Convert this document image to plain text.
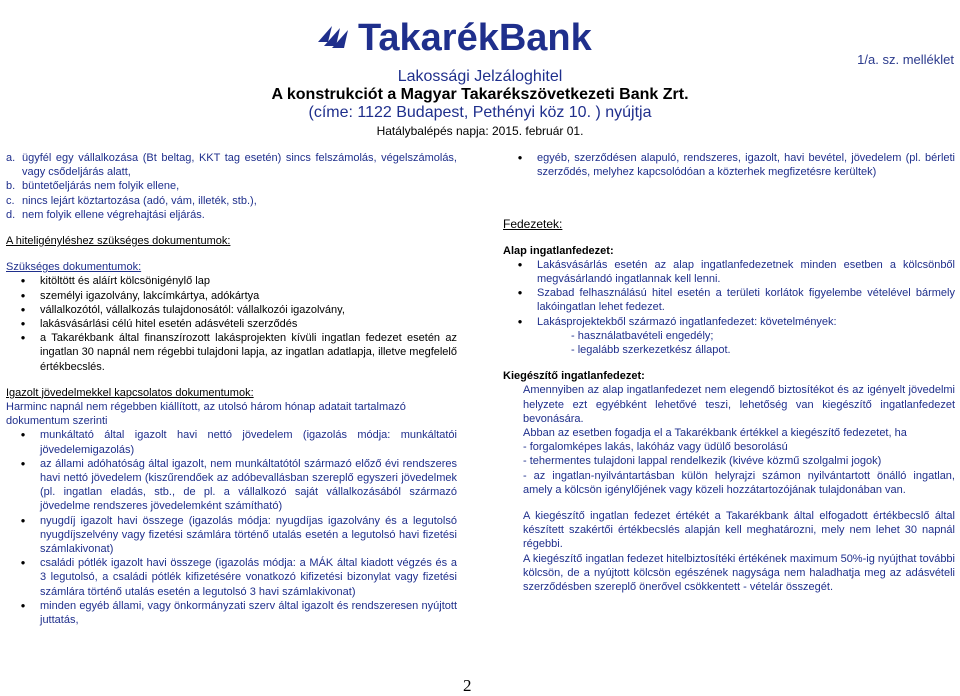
TakarékBank
1/a. sz. melléklet
Lakossági Jelzáloghitel
A konstrukciót a Magyar Takarékszövetkezeti Bank Zrt.
(címe: 1122 Budapest, Pethényi köz 10. ) nyújtja
Hatálybalépés napja: 2015. február 01.
a. ügyfél egy vállalkozása (Bt beltag, KKT tag esetén) sincs felszámolás, végelszámolás, vagy csődeljárás alatt,
b. büntetőeljárás nem folyik ellene,
c. nincs lejárt köztartozása (adó, vám, illeték, stb.),
d. nem folyik ellene végrehajtási eljárás.
A hiteligényléshez szükséges dokumentumok:
Szükséges dokumentumok:
●	kitöltött és aláírt kölcsönigénylő lap
●	személyi igazolvány, lakcímkártya, adókártya
●	vállalkozótól, vállalkozás tulajdonosától: vállalkozói igazolvány,
●	lakásvásárlási célú hitel esetén adásvételi szerződés
●	a Takarékbank által finanszírozott lakásprojekten kívüli ingatlan fedezet esetén az ingatlan 30 napnál nem régebbi tulajdoni lapja, az ingatlan adatlapja, illetve megfelelő értékbecslés.
Igazolt jövedelmekkel kapcsolatos dokumentumok:
Harminc napnál nem régebben kiállított, az utolsó három hónap adatait tartalmazó dokumentum szerinti
●	munkáltató által igazolt havi nettó jövedelem (igazolás módja: munkáltatói jövedelemigazolás)
●	az állami adóhatóság által igazolt, nem munkáltatótól származó előző évi rendszeres havi nettó jövedelem (kiszűrendőek az adóbevallásban szereplő egyszeri jövedelmek (pl. ingatlan eladás, stb., de pl. a vállalkozó saját vállalkozásából származó jövedelme rendszeres jövedelemként számítható)
●	nyugdíj igazolt havi összege (igazolás módja: nyugdíjas igazolvány és a legutolsó nyugdíjszelvény vagy fizetési számlára történő utalás esetén a legutolsó havi fizetési számlakivonat)
●	családi pótlék igazolt havi összege (igazolás módja: a MÁK által kiadott végzés és a 3 legutolsó, a családi pótlék kifizetésére vonatkozó kifizetési bizonylat vagy fizetési számlára történő utalás esetén a legutolsó 3 havi számlakivonat)
●	minden egyéb állami, vagy önkormányzati szerv által igazolt és rendszeresen nyújtott juttatás,
●	egyéb, szerződésen alapuló, rendszeres, igazolt, havi bevétel, jövedelem (pl. bérleti szerződés, melyhez kapcsolódóan a közterhek megfizetésre kerültek)
Fedezetek:
Alap ingatlanfedezet:
●	Lakásvásárlás esetén az alap ingatlanfedezetnek minden esetben a kölcsönből megvásárlandó ingatlannak kell lenni.
●	Szabad felhasználású hitel esetén a területi korlátok figyelembe vételével bármely lakóingatlan lehet fedezet.
●	Lakásprojektekből származó ingatlanfedezet: követelmények:
- használatbavételi engedély;
- legalább szerkezetkész állapot.
Kiegészítő ingatlanfedezet:
Amennyiben az alap ingatlanfedezet nem elegendő biztosítékot és az igényelt jövedelmi helyzete ezt egyébként lehetővé teszi, lehetőség van kiegészítő ingatlanfedezet bevonására.
Abban az esetben fogadja el a Takarékbank értékkel a kiegészítő fedezetet, ha
- forgalomképes lakás, lakóház vagy üdülő besorolású
- tehermentes tulajdoni lappal rendelkezik (kivéve közmű szolgalmi jogok)
- az ingatlan-nyilvántartásban külön helyrajzi számon nyilvántartott önálló ingatlan, amely a kölcsön igénylőjének vagy közeli hozzátartozójának tulajdonában van.
A kiegészítő ingatlan fedezet értékét a Takarékbank által elfogadott értékbecslő által készített szakértői értékbecslés alapján kell meghatározni, mely nem lehet 30 napnál régebbi.
A kiegészítő ingatlan fedezet hitelbiztosítéki értékének maximum 50%-ig nyújthat további kölcsön, de a nyújtott kölcsön egészének nagysága nem haladhatja meg az adásvételi szerződésben szereplő önerővel csökkentett - vételár összegét.
2
